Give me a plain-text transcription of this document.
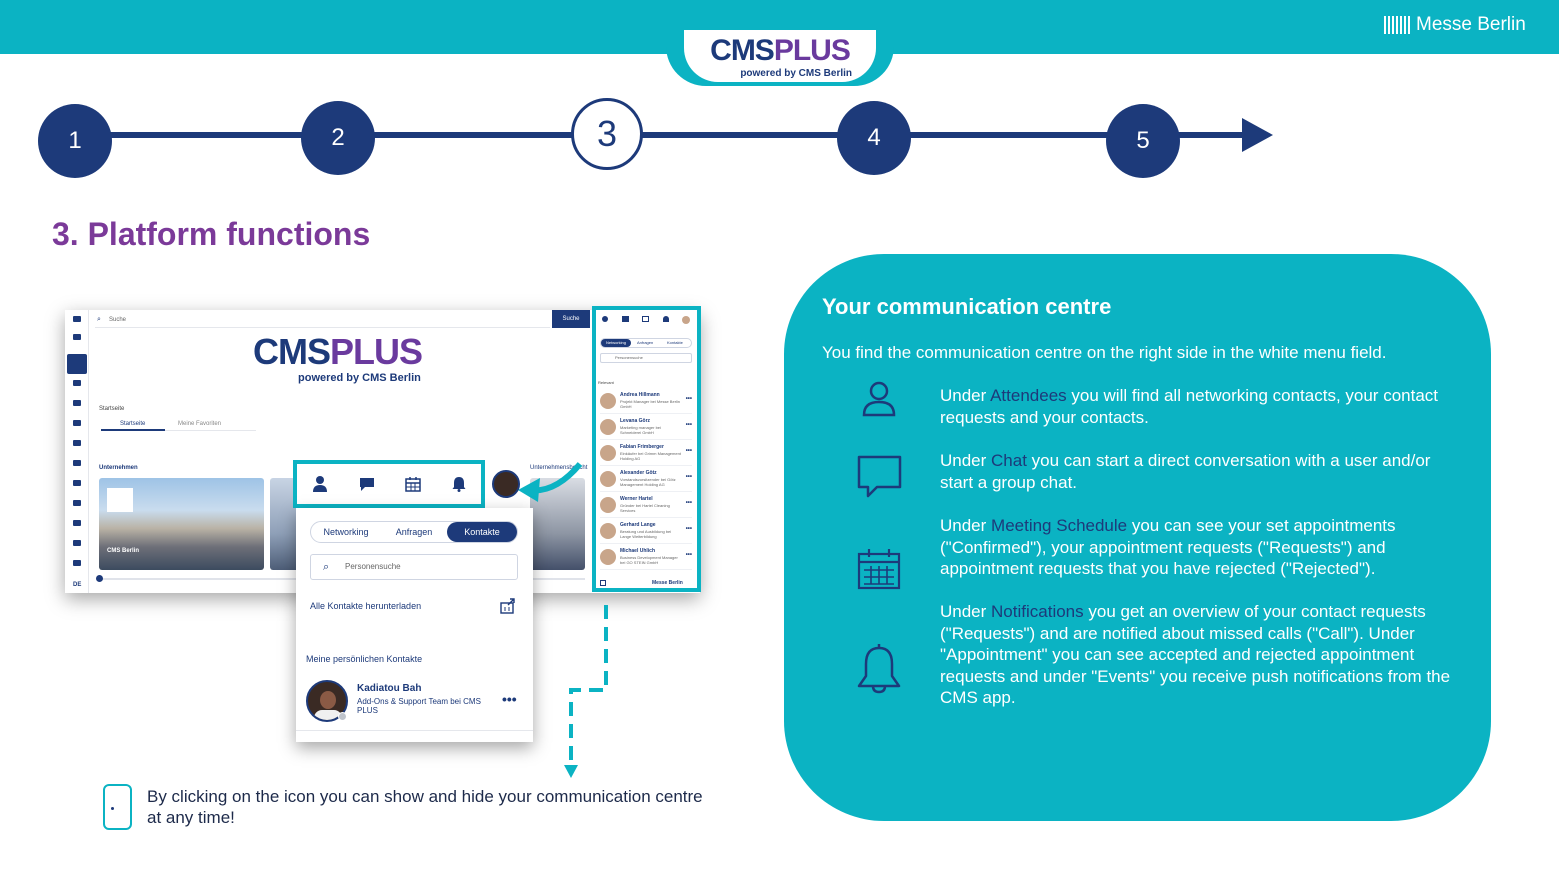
CMSPLUS
powered by CMS Berlin
Messe Berlin
1	2	3	4	5
3. Platform functions
DE
⌕ Suche	Suche
CMSPLUS
powered by CMS Berlin
Startseite
Startseite	Meine Favoriten
Unternehmen	Unternehmensbericht
CMS Berlin
Networking	Anfragen	Kontakte
Personensuche
Relevant
Andrea Hillmann
Projekt Manager bei Messe Berlin GmbH
•••
Levana Görz
Marketing manager bei Schneiderei GmbH
•••
Fabian Frimberger
Einkäufer bei Grimm Management Holding AG
•••
Alexander Götz
Vorstandsvorsitzender bei Götz Management Holding AG
•••
Werner Hartel
Gründer bei Hartel Cleaning Services
•••
Gerhard Lange
Beratung und Ausbildung bei Lange Weiterbildung
•••
Michael Uhlich
Business Development Manager bei GO STEIN GmbH
•••
Messe Berlin
Networking	Anfragen	Kontakte
⌕ Personensuche
Alle Kontakte herunterladen
Meine persönlichen Kontakte
Kadiatou Bah
Add-Ons & Support Team bei CMS PLUS
•••
By clicking on the icon you can show and hide your communication centre at any time!
Your communication centre
You find the communication centre on the right side in the white menu field.
Under Attendees you will find all networking contacts, your contact requests and your contacts.
Under Chat you can start a direct conversation with a user and/or start a group chat.
Under Meeting Schedule you can see your set appointments ("Confirmed"), your appointment requests ("Requests") and appointment requests that you have rejected ("Rejected").
Under Notifications you get an overview of your contact requests ("Requests") and are notified about missed calls ("Call"). Under "Appointment" you can see accepted and rejected appointment requests and under "Events" you receive push notifications from the CMS app.
